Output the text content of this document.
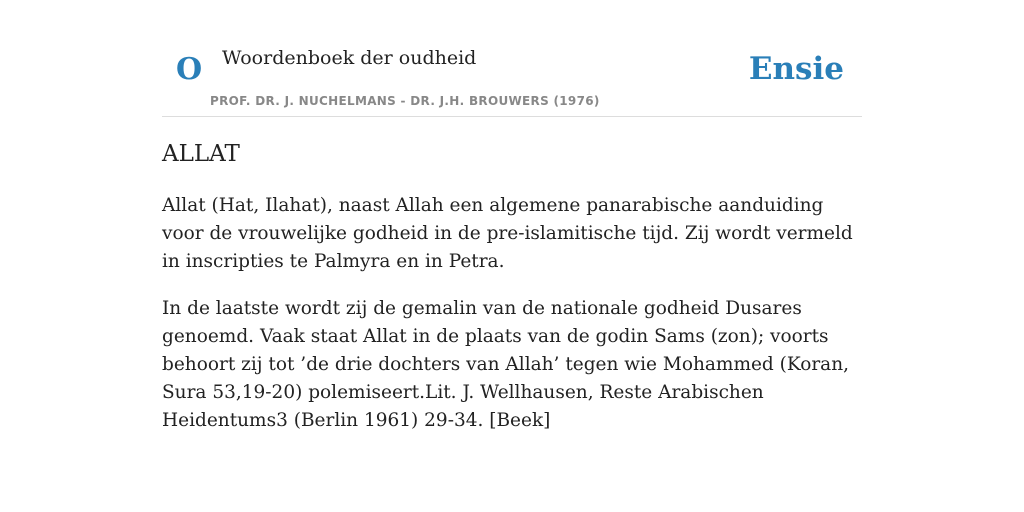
O Woordenboek der oudheid
PROF. DR. J. NUCHELMANS - DR. J.H. BROUWERS (1976)
Ensie
ALLAT

Allat (Hat, Ilahat), naast Allah een algemene panarabische aanduiding voor de vrouwelijke godheid in de pre-islamitische tijd. Zij wordt vermeld in inscripties te Palmyra en in Petra.

In de laatste wordt zij de gemalin van de nationale godheid Dusares genoemd. Vaak staat Allat in de plaats van de godin Sams (zon); voorts behoort zij tot ’de drie dochters van Allah’ tegen wie Mohammed (Koran, Sura 53,19-20) polemiseert.Lit. J. Wellhausen, Reste Arabischen Heidentums3 (Berlin 1961) 29-34. [Beek]
